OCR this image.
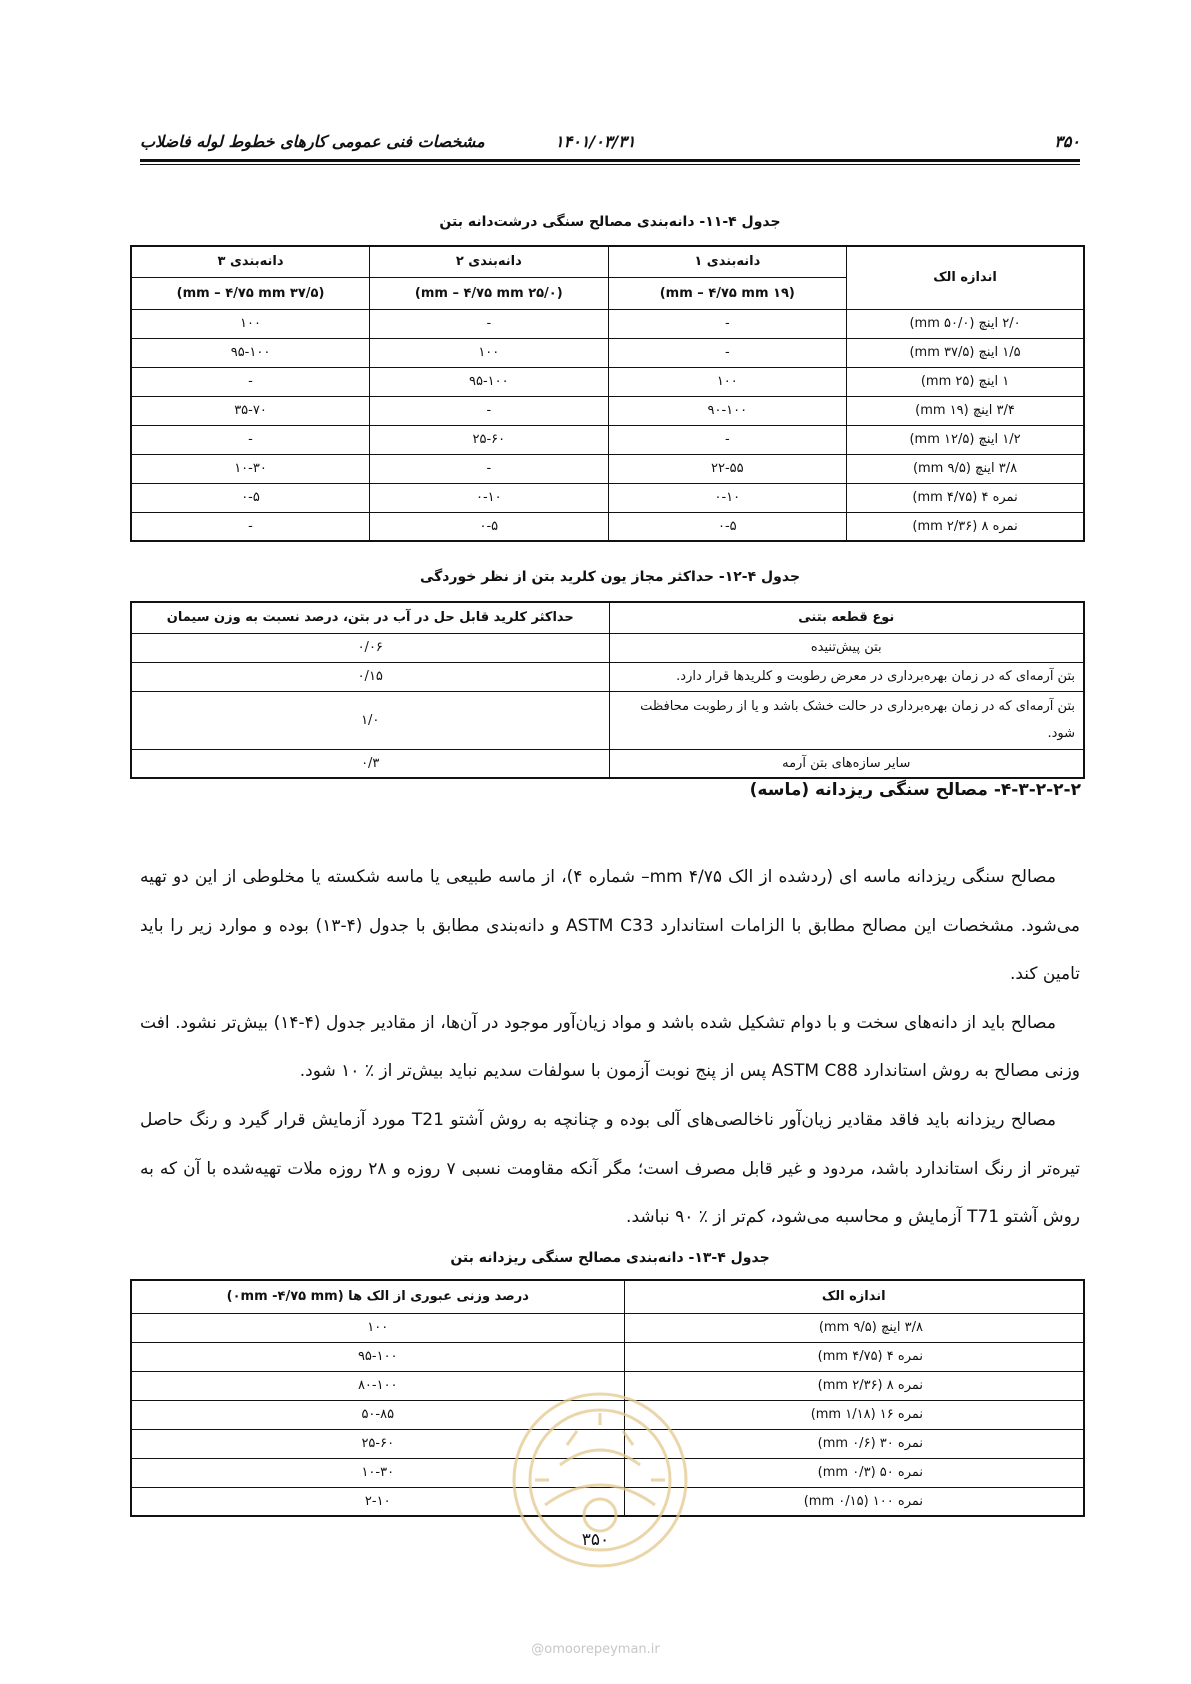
۳۵۰
۱۴۰۱/۰۳/۳۱
مشخصات فنی عمومی کارهای خطوط لوله فاضلاب
جدول ۴-۱۱- دانه‌بندی مصالح سنگی درشت‌دانه بتن
اندازه الک	دانه‌بندی ۱	دانه‌بندی ۲	دانه‌بندی ۳
	(۱۹ mm – ۴/۷۵ mm)	(۲۵/۰ mm – ۴/۷۵ mm)	(۳۷/۵ mm – ۴/۷۵ mm)
۲/۰ اینچ (۵۰/۰ mm)	-	-	۱۰۰
۱/۵ اینچ (۳۷/۵ mm)	-	۱۰۰	۹۵-۱۰۰
۱ اینچ (۲۵ mm)	۱۰۰	۹۵-۱۰۰	-
۳/۴ اینچ (۱۹ mm)	۹۰-۱۰۰	-	۳۵-۷۰
۱/۲ اینچ (۱۲/۵ mm)	-	۲۵-۶۰	-
۳/۸ اینچ (۹/۵ mm)	۲۲-۵۵	-	۱۰-۳۰
نمره ۴ (۴/۷۵ mm)	۰-۱۰	۰-۱۰	۰-۵
نمره ۸ (۲/۳۶ mm)	۰-۵	۰-۵	-
جدول ۴-۱۲- حداکثر مجاز یون کلرید بتن از نظر خوردگی
نوع قطعه بتنی	حداکثر کلرید قابل حل در آب در بتن، درصد نسبت به وزن سیمان
بتن پیش‌تنیده	۰/۰۶
بتن آرمه‌ای که در زمان بهره‌برداری در معرض رطوبت و کلریدها قرار دارد.	۰/۱۵
بتن آرمه‌ای که در زمان بهره‌برداری در حالت خشک باشد و یا از رطوبت محافظت شود.	۱/۰
سایر سازه‌های بتن آرمه	۰/۳
۴-۳-۲-۲-۲- مصالح سنگی ریزدانه (ماسه)
مصالح سنگی ریزدانه ماسه ای (ردشده از الک ۴/۷۵ mm– شماره ۴)، از ماسه طبیعی یا ماسه شکسته یا مخلوطی از این دو تهیه می‌شود. مشخصات این مصالح مطابق با الزامات استاندارد ASTM C33 و دانه‌بندی مطابق با جدول (۴-۱۳) بوده و موارد زیر را باید تامین کند.
مصالح باید از دانه‌های سخت و با دوام تشکیل شده باشد و مواد زیان‌آور موجود در آن‌ها، از مقادیر جدول (۴-۱۴) بیش‌تر نشود. افت وزنی مصالح به روش استاندارد ASTM C88 پس از پنج نوبت آزمون با سولفات سدیم نباید بیش‌تر از ٪ ۱۰ شود.
مصالح ریزدانه باید فاقد مقادیر زیان‌آور ناخالصی‌های آلی بوده و چنانچه به روش آشتو T21 مورد آزمایش قرار گیرد و رنگ حاصل تیره‌تر از رنگ استاندارد باشد، مردود و غیر قابل مصرف است؛ مگر آنکه مقاومت نسبی ۷ روزه و ۲۸ روزه ملات تهیه‌شده با آن که به روش آشتو T71 آزمایش و محاسبه می‌شود، کم‌تر از ٪ ۹۰ نباشد.
جدول ۴-۱۳- دانه‌بندی مصالح سنگی ریزدانه بتن
اندازه الک	درصد وزنی عبوری از الک ها (۰mm -۴/۷۵ mm)
۳/۸ اینچ (۹/۵ mm)	۱۰۰
نمره ۴ (۴/۷۵ mm)	۹۵-۱۰۰
نمره ۸ (۲/۳۶ mm)	۸۰-۱۰۰
نمره ۱۶ (۱/۱۸ mm)	۵۰-۸۵
نمره ۳۰ (۰/۶ mm)	۲۵-۶۰
نمره ۵۰ (۰/۳ mm)	۱۰-۳۰
نمره ۱۰۰ (۰/۱۵ mm)	۲-۱۰
۳۵۰
@omoorepeyman.ir
